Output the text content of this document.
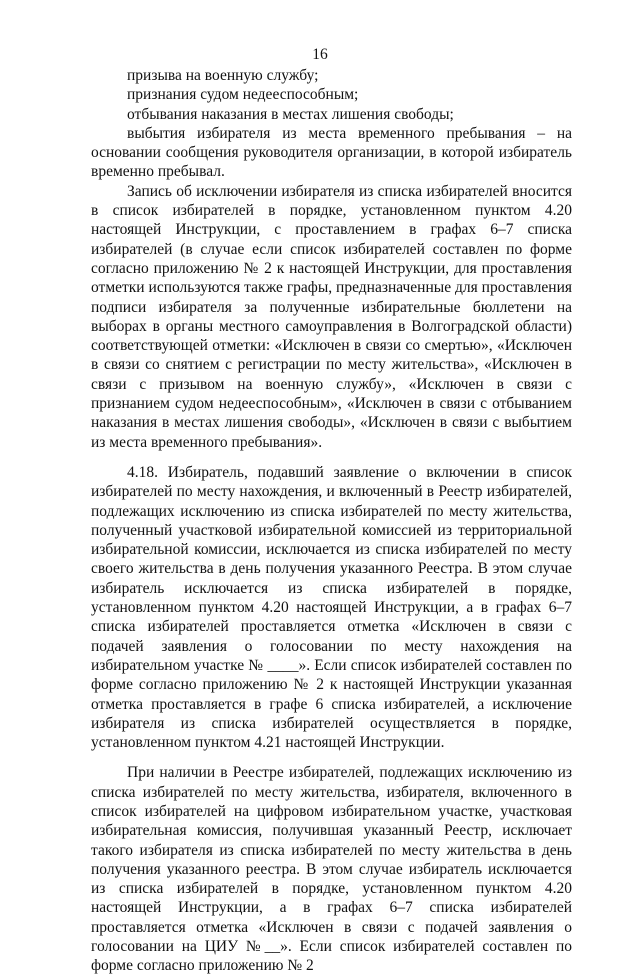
16

призыва на военную службу;

признания судом недееспособным;

отбывания наказания в местах лишения свободы;

выбытия избирателя из места временного пребывания – на основании сообщения руководителя организации, в которой избиратель временно пребывал.

Запись об исключении избирателя из списка избирателей вносится в список избирателей в порядке, установленном пунктом 4.20 настоящей Инструкции, с проставлением в графах 6–7 списка избирателей (в случае если список избирателей составлен по форме согласно приложению № 2 к настоящей Инструкции, для проставления отметки используются также графы, предназначенные для проставления подписи избирателя за полученные избирательные бюллетени на выборах в органы местного самоуправления в Волгоградской области) соответствующей отметки: «Исключен в связи со смертью», «Исключен в связи со снятием с регистрации по месту жительства», «Исключен в связи с призывом на военную службу», «Исключен в связи с признанием судом недееспособным», «Исключен в связи с отбыванием наказания в местах лишения свободы», «Исключен в связи с выбытием из места временного пребывания».

4.18. Избиратель, подавший заявление о включении в список избирателей по месту нахождения, и включенный в Реестр избирателей, подлежащих исключению из списка избирателей по месту жительства, полученный участковой избирательной комиссией из территориальной избирательной комиссии, исключается из списка избирателей по месту своего жительства в день получения указанного Реестра. В этом случае избиратель исключается из списка избирателей в порядке, установленном пунктом 4.20 настоящей Инструкции, а в графах 6–7 списка избирателей проставляется отметка «Исключен в связи с подачей заявления о голосовании по месту нахождения на избирательном участке № ____». Если список избирателей составлен по форме согласно приложению № 2 к настоящей Инструкции указанная отметка проставляется в графе 6 списка избирателей, а исключение избирателя из списка избирателей осуществляется в порядке, установленном пунктом 4.21 настоящей Инструкции.

При наличии в Реестре избирателей, подлежащих исключению из списка избирателей по месту жительства, избирателя, включенного в список избирателей на цифровом избирательном участке, участковая избирательная комиссия, получившая указанный Реестр, исключает такого избирателя из списка избирателей по месту жительства в день получения указанного реестра. В этом случае избиратель исключается из списка избирателей в порядке, установленном пунктом 4.20 настоящей Инструкции, а в графах 6–7 списка избирателей проставляется отметка «Исключен в связи с подачей заявления о голосовании на ЦИУ №__». Если список избирателей составлен по форме согласно приложению № 2
